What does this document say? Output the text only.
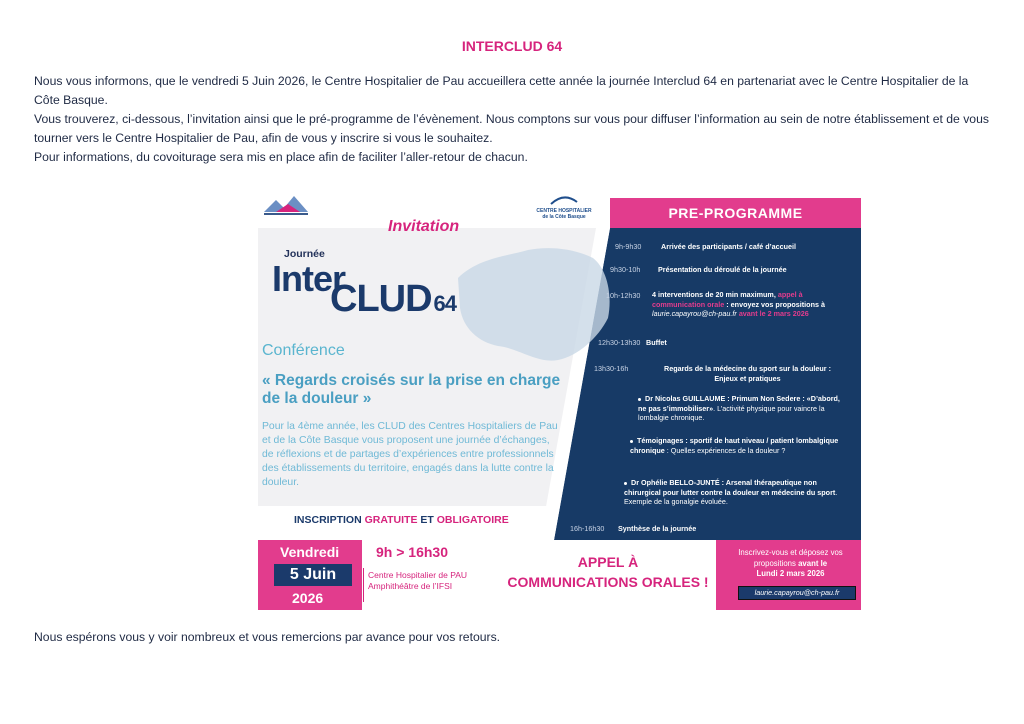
INTERCLUD 64

Nous vous informons, que le vendredi 5 Juin 2026, le Centre Hospitalier de Pau accueillera cette année la journée Interclud 64 en partenariat avec le Centre Hospitalier de la Côte Basque.

Vous trouverez, ci-dessous, l’invitation ainsi que le pré-programme de l’évènement. Nous comptons sur vous pour diffuser l’information au sein de notre établissement et de vous tourner vers le Centre Hospitalier de Pau, afin de vous y inscrire si vous le souhaitez.

Pour informations, du covoiturage sera mis en place afin de faciliter l’aller-retour de chacun.

CENTRE HOSPITALIER de la Côte Basque
Invitation
Journée
Inter
CLUD64
Conférence
« Regards croisés sur la prise en charge de la douleur »
Pour la 4ème année, les CLUD des Centres Hospitaliers de Pau et de la Côte Basque vous proposent une journée d’échanges, de réflexions et de partages d’expériences entre professionnels des établissements du territoire, engagés dans la lutte contre la douleur.
INSCRIPTION GRATUITE ET OBLIGATOIRE
PRE-PROGRAMME
9h-9h30	Arrivée des participants / café d’accueil
9h30-10h Présentation du déroulé de la journée
10h-12h30 4 interventions de 20 min maximum, appel à communication orale : envoyez vos propositions à laurie.capayrou@ch-pau.fr avant le 2 mars 2026
12h30-13h30 Buffet
13h30-16h	Regards de la médecine du sport sur la douleur :
Enjeux et pratiques
Dr Nicolas GUILLAUME : Primum Non Sedere : «D’abord, ne pas s’immobiliser». L’activité physique pour vaincre la lombalgie chronique.
Témoignages : sportif de haut niveau / patient lombalgique chronique : Quelles expériences de la douleur ?
Dr Ophélie BELLO-JUNTÉ : Arsenal thérapeutique non chirurgical pour lutter contre la douleur en médecine du sport. Exemple de la gonalgie évoluée.
16h-16h30 Synthèse de la journée
Vendredi
5 Juin
2026
9h > 16h30
Centre Hospitalier de PAU
Amphithéâtre de l’IFSI
APPEL À
COMMUNICATIONS ORALES !
Inscrivez-vous et déposez vos
propositions avant le
Lundi 2 mars 2026
laurie.capayrou@ch-pau.fr
Nous espérons vous y voir nombreux et vous remercions par avance pour vos retours.
